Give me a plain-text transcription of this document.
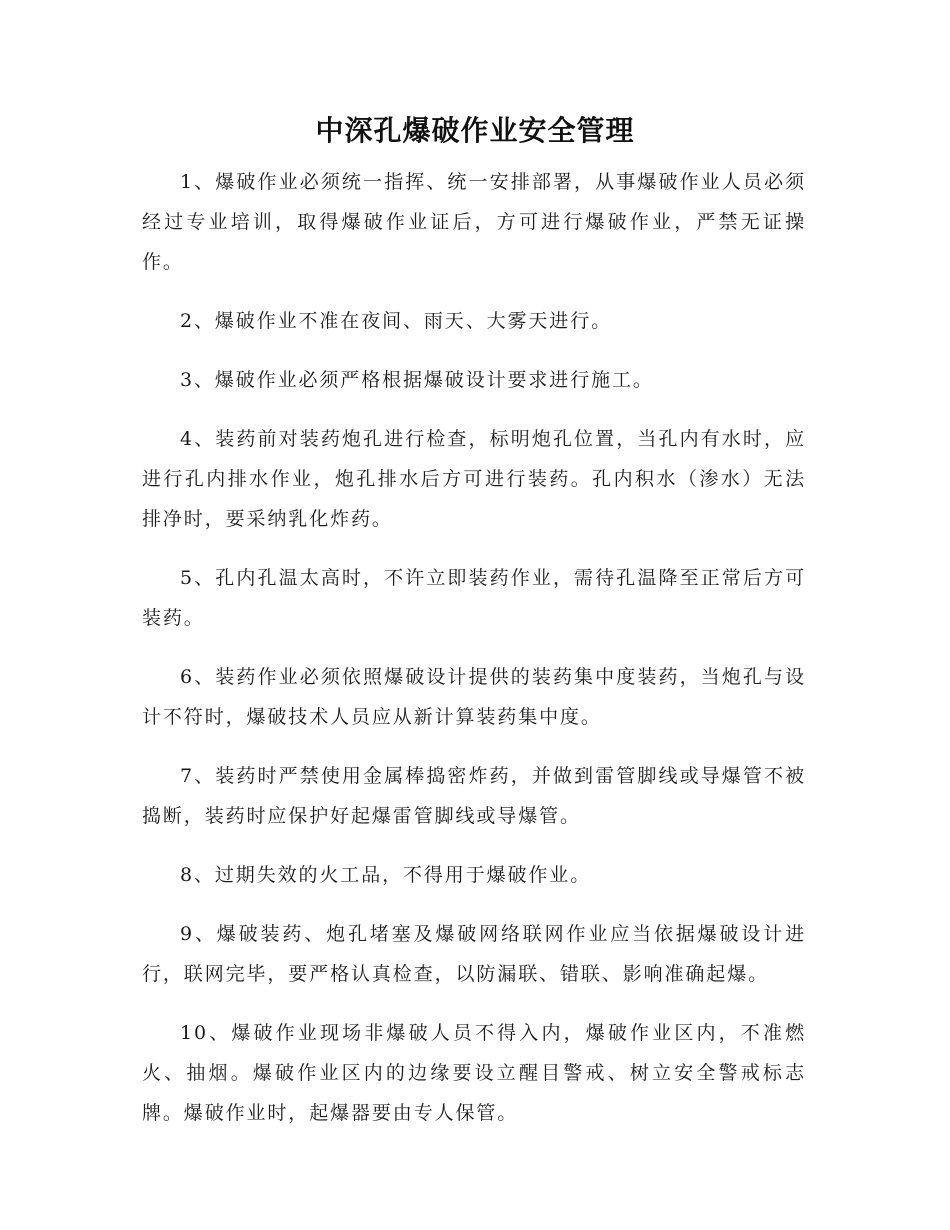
中深孔爆破作业安全管理

1、爆破作业必须统一指挥、统一安排部署，从事爆破作业人员必须经过专业培训，取得爆破作业证后，方可进行爆破作业，严禁无证操作。

2、爆破作业不准在夜间、雨天、大雾天进行。

3、爆破作业必须严格根据爆破设计要求进行施工。

4、装药前对装药炮孔进行检查，标明炮孔位置，当孔内有水时，应进行孔内排水作业，炮孔排水后方可进行装药。孔内积水（渗水）无法排净时，要采纳乳化炸药。

5、孔内孔温太高时，不许立即装药作业，需待孔温降至正常后方可装药。

6、装药作业必须依照爆破设计提供的装药集中度装药，当炮孔与设计不符时，爆破技术人员应从新计算装药集中度。

7、装药时严禁使用金属棒捣密炸药，并做到雷管脚线或导爆管不被捣断，装药时应保护好起爆雷管脚线或导爆管。

8、过期失效的火工品，不得用于爆破作业。

9、爆破装药、炮孔堵塞及爆破网络联网作业应当依据爆破设计进行，联网完毕，要严格认真检查，以防漏联、错联、影响准确起爆。

10、爆破作业现场非爆破人员不得入内，爆破作业区内，不准燃火、抽烟。爆破作业区内的边缘要设立醒目警戒、树立安全警戒标志牌。爆破作业时，起爆器要由专人保管。
